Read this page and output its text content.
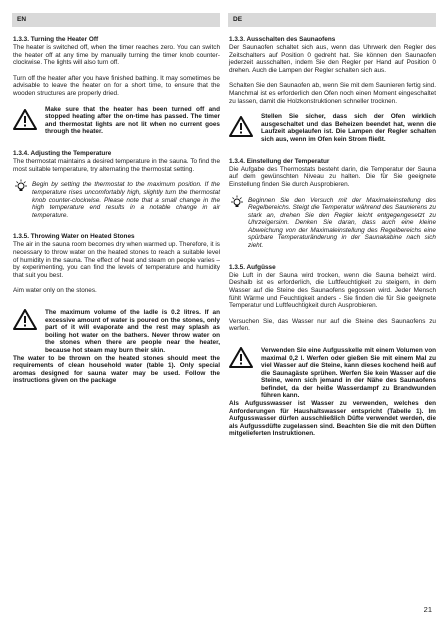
EN	DE
1.3.3. Turning the Heater Off
The heater is switched off, when the timer reaches zero. You can switch the heater off at any time by manually turning the timer knob counter-clockwise. The lights will also turn off.
Turn off the heater after you have finished bathing. It may sometimes be advisable to leave the heater on for a short time, to ensure that the wooden structures are properly dried.
Make sure that the heater has been turned off and stopped heating after the on-time has passed. The timer and thermostat lights are not lit when no current goes through the heater.
1.3.4. Adjusting the Temperature
The thermostat maintains a desired temperature in the sauna. To find the most suitable temperature, try alternating the thermostat setting.
Begin by setting the thermostat to the maximum position. If the temperature rises uncomfortably high, slightly turn the thermostat knob counter-clockwise. Please note that a small change in the high temperature end results in a notable change in air temperature.
1.3.5. Throwing Water on Heated Stones
The air in the sauna room becomes dry when warmed up. Therefore, it is necessary to throw water on the heated stones to reach a suitable level of humidity in the sauna. The effect of heat and steam on people varies – by experimenting, you can find the levels of temperature and humidity that suit you best.
Aim water only on the stones.
The maximum volume of the ladle is 0.2 litres. If an excessive amount of water is poured on the stones, only part of it will evaporate and the rest may splash as boiling hot water on the bathers. Never throw water on the stones when there are people near the heater, because hot steam may burn their skin.
The water to be thrown on the heated stones should meet the requirements of clean household water (table 1). Only special aromas designed for sauna water may be used. Follow the instructions given on the package
1.3.3. Ausschalten des Saunaofens
Der Saunaofen schaltet sich aus, wenn das Uhrwerk den Regler des Zeitschalters auf Position 0 gedreht hat. Sie können den Saunaofen jederzeit ausschalten, indem Sie den Regler per Hand auf Position 0 drehen. Auch die Lampen der Regler schalten sich aus.
Schalten Sie den Saunaofen ab, wenn Sie mit dem Saunieren fertig sind. Manchmal ist es erforderlich den Ofen noch einen Moment eingeschaltet zu lassen, damit die Holzkonstruktionen schneller trocknen.
Stellen Sie sicher, dass sich der Ofen wirklich ausgeschaltet und das Beheizen beendet hat, wenn die Laufzeit abgelaufen ist. Die Lampen der Regler schalten sich aus, wenn im Ofen kein Strom fließt.
1.3.4. Einstellung der Temperatur
Die Aufgabe des Thermostats besteht darin, die Temperatur der Sauna auf dem gewünschten Niveau zu halten. Die für Sie geeignete Einstellung finden Sie durch Ausprobieren.
Beginnen Sie den Versuch mit der Maximaleinstellung des Regelbereichs. Steigt die Temperatur während des Saunierens zu stark an, drehen Sie den Regler leicht entgegengesetzt zu Uhrzeigersinn. Denken Sie daran, dass auch eine kleine Abweichung von der Maximaleinstellung des Regelbereichs eine spürbare Temperaturänderung in der Saunakabine nach sich zieht.
1.3.5. Aufgüsse
Die Luft in der Sauna wird trocken, wenn die Sauna beheizt wird. Deshalb ist es erforderlich, die Luftfeuchtigkeit zu steigern, in dem Wasser auf die Steine des Saunaofens gegossen wird. Jeder Mensch fühlt Wärme und Feuchtigkeit anders - Sie finden die für Sie geeignete Temperatur und Luftfeuchtigkeit durch Ausprobieren.
Versuchen Sie, das Wasser nur auf die Steine des Saunaofens zu werfen.
Verwenden Sie eine Aufgusskelle mit einem Volumen von maximal 0,2 l. Werfen oder gießen Sie mit einem Mal zu viel Wasser auf die Steine, kann dieses kochend heiß auf die Saunagäste sprühen. Werfen Sie kein Wasser auf die Steine, wenn sich jemand in der Nähe des Saunaofens befindet, da der heiße Wasserdampf zu Brandwunden führen kann.
Als Aufgusswasser ist Wasser zu verwenden, welches den Anforderungen für Haushaltswasser entspricht (Tabelle 1). Im Aufgusswasser dürfen ausschließlich Düfte verwendet werden, die als Aufgussdüfte zugelassen sind. Beachten Sie die mit den Düften mitgelieferten Instruktionen.
21
